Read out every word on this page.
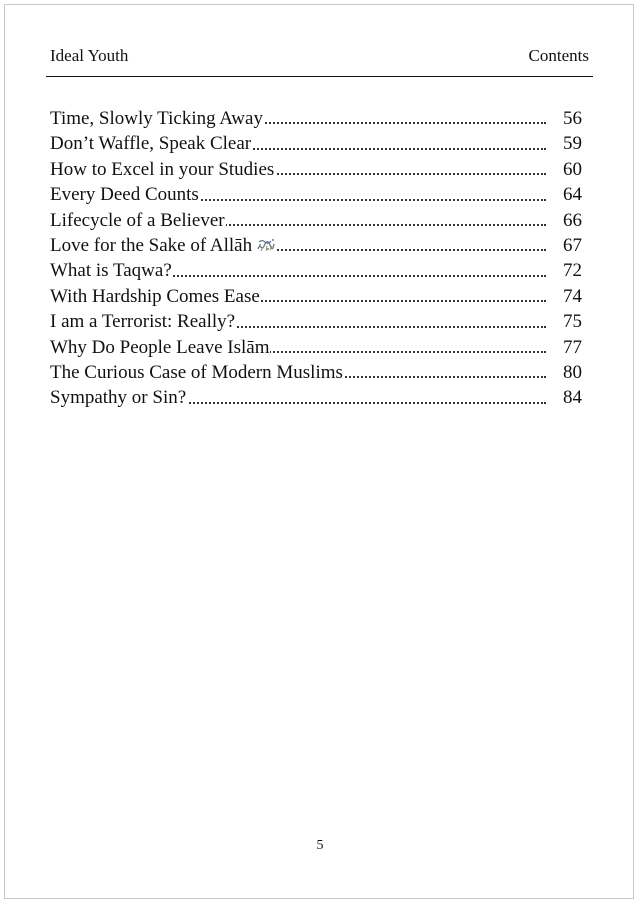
Ideal Youth	Contents
Time, Slowly Ticking Away	56
Don’t Waffle, Speak Clear	59
How to Excel in your Studies	60
Every Deed Counts	64
Lifecycle of a Believer	66
Love for the Sake of Allāh	67
What is Taqwa?	72
With Hardship Comes Ease	74
I am a Terrorist: Really?	75
Why Do People Leave Islām	77
The Curious Case of Modern Muslims	80
Sympathy or Sin?	84
5
